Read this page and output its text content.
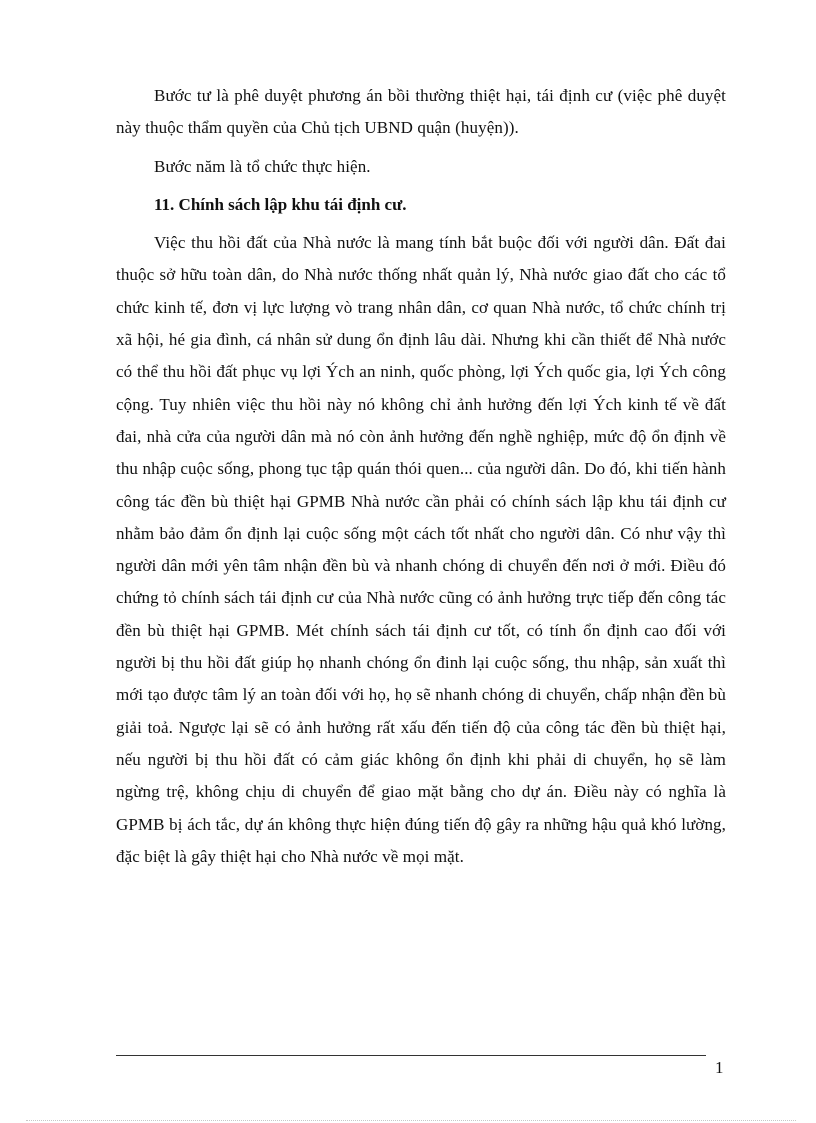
Bước tư là phê duyệt phương án bồi thường thiệt hại, tái định cư (việc phê duyệt này thuộc thẩm quyền của Chủ tịch UBND quận (huyện)).

Bước năm là tổ chức thực hiện.

11. Chính sách lập khu tái định cư.

Việc thu hồi đất của Nhà nước là mang tính bắt buộc đối với người dân. Đất đai thuộc sở hữu toàn dân, do Nhà nước thống nhất quản lý, Nhà nước giao đất cho các tổ chức kinh tế, đơn vị lực lượng vò trang nhân dân, cơ quan Nhà nước, tổ chức chính trị xã hội, hé gia đình, cá nhân sử dung ổn định lâu dài. Nhưng khi cần thiết để Nhà nước có thể thu hồi đất phục vụ lợi Ých an ninh, quốc phòng, lợi Ých quốc gia, lợi Ých công cộng. Tuy nhiên việc thu hồi này nó không chỉ ảnh hưởng đến lợi Ých kinh tế về đất đai, nhà cửa của người dân mà nó còn ảnh hưởng đến nghề nghiệp, mức độ ổn định về thu nhập cuộc sống, phong tục tập quán thói quen... của người dân. Do đó, khi tiến hành công tác đền bù thiệt hại GPMB Nhà nước cần phải có chính sách lập khu tái định cư nhằm bảo đảm ổn định lại cuộc sống một cách tốt nhất cho người dân. Có như vậy thì người dân mới yên tâm nhận đền bù và nhanh chóng di chuyển đến nơi ở mới. Điều đó chứng tỏ chính sách tái định cư của Nhà nước cũng có ảnh hưởng trực tiếp đến công tác đền bù thiệt hại GPMB. Mét chính sách tái định cư tốt, có tính ổn định cao đối với người bị thu hồi đất giúp họ nhanh chóng ổn đinh lại cuộc sống, thu nhập, sản xuất thì mới tạo được tâm lý an toàn đối với họ, họ sẽ nhanh chóng di chuyển, chấp nhận đền bù giải toả. Ngược lại sẽ có ảnh hưởng rất xấu đến tiến độ của công tác đền bù thiệt hại, nếu người bị thu hồi đất có cảm giác không ổn định khi phải di chuyển, họ sẽ làm ngừng trệ, không chịu di chuyển để giao mặt bằng cho dự án. Điều này có nghĩa là GPMB bị ách tắc, dự án không thực hiện đúng tiến độ gây ra những hậu quả khó lường, đặc biệt là gây thiệt hại cho Nhà nước về mọi mặt.

1
